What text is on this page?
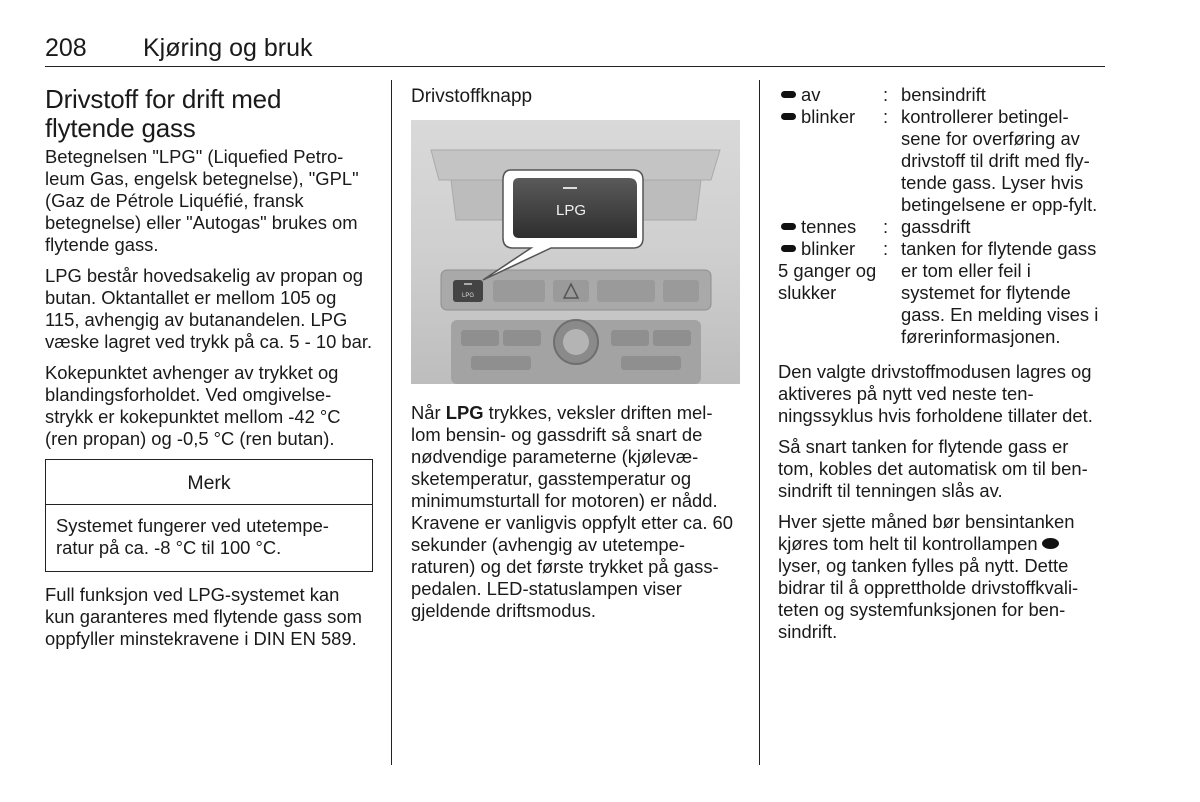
208 Kjøring og bruk
Drivstoff for drift med flytende gass

Betegnelsen "LPG" (Liquefied Petro-leum Gas, engelsk betegnelse), "GPL" (Gaz de Pétrole Liquéfié, fransk betegnelse) eller "Autogas" brukes om flytende gass.

LPG består hovedsakelig av propan og butan. Oktantallet er mellom 105 og 115, avhengig av butanandelen. LPG væske lagret ved trykk på ca. 5 - 10 bar.

Kokepunktet avhenger av trykket og blandingsforholdet. Ved omgivelse-strykk er kokepunktet mellom -42 °C (ren propan) og -0,5 °C (ren butan).

Merk
Systemet fungerer ved utetempe-ratur på ca. -8 °C til 100 °C.

Full funksjon ved LPG-systemet kan kun garanteres med flytende gass som oppfyller minstekravene i DIN EN 589.

Drivstoffknapp
LPG
LPG

Når LPG trykkes, veksler driften mel-lom bensin- og gassdrift så snart de nødvendige parameterne (kjølevæ-sketemperatur, gasstemperatur og minimumsturtall for motoren) er nådd. Kravene er vanligvis oppfylt etter ca. 60 sekunder (avhengig av utetempe-raturen) og det første trykket på gass-pedalen. LED-statuslampen viser gjeldende driftsmodus.

av	: bensindrift
blinker	: kontrollerer betingel-sene for overføring av drivstoff til drift med fly-tende gass. Lyser hvis betingelsene er opp-fylt.
tennes	: gassdrift
blinker
5 ganger og slukker
: tanken for flytende gass er tom eller feil i systemet for flytende gass. En melding vises i førerinformasjonen.

Den valgte drivstoffmodusen lagres og aktiveres på nytt ved neste ten-ningssyklus hvis forholdene tillater det.

Så snart tanken for flytende gass er tom, kobles det automatisk om til ben-sindrift til tenningen slås av.

Hver sjette måned bør bensintanken kjøres tom helt til kontrollampen lyser, og tanken fylles på nytt. Dette bidrar til å opprettholde drivstoffkvali-teten og systemfunksjonen for ben-sindrift.
